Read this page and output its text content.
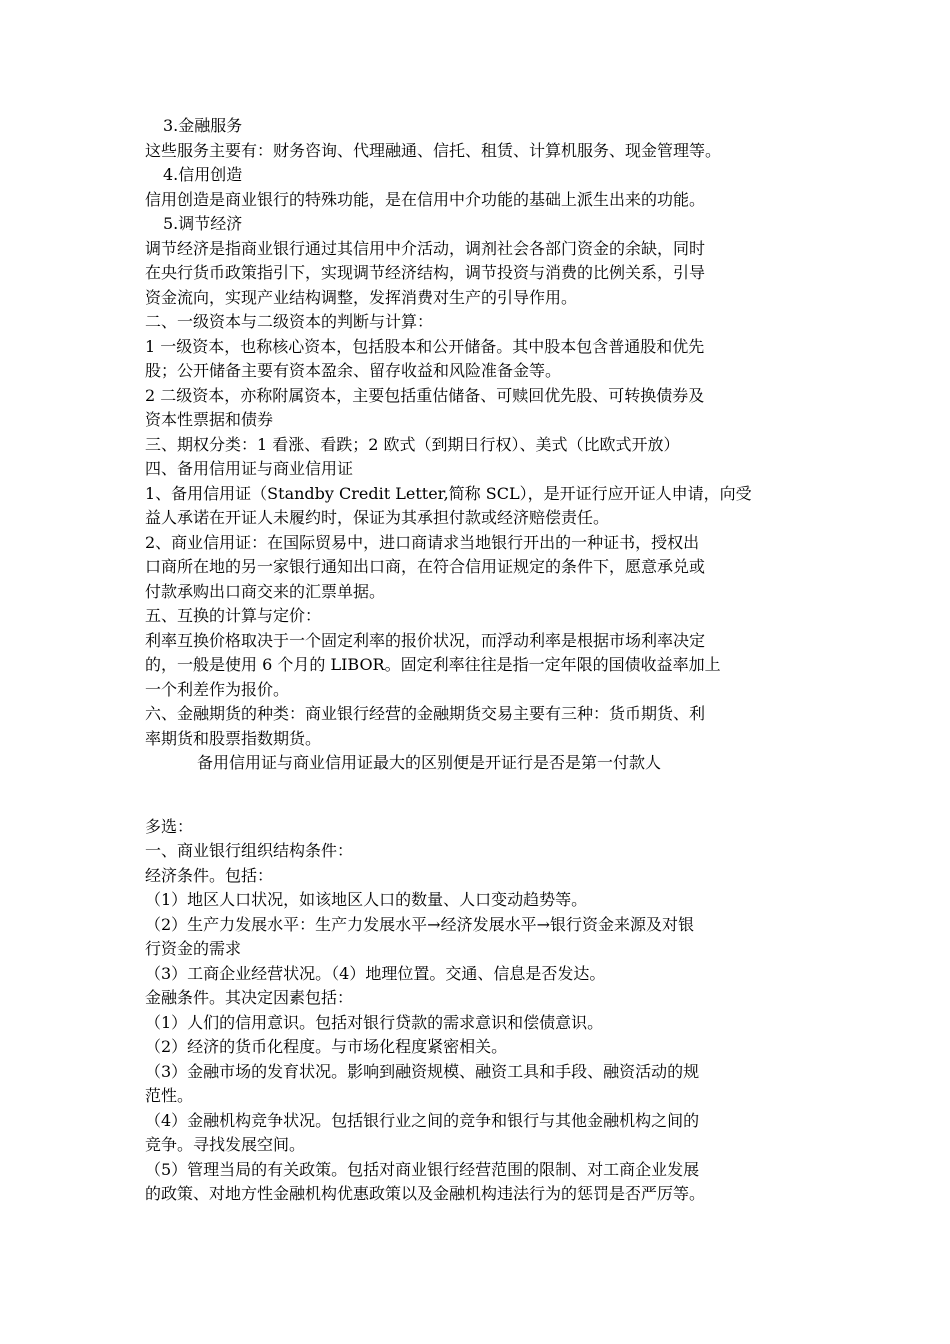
3.金融服务
这些服务主要有：财务咨询、代理融通、信托、租赁、计算机服务、现金管理等。
4.信用创造
信用创造是商业银行的特殊功能，是在信用中介功能的基础上派生出来的功能。
5.调节经济
调节经济是指商业银行通过其信用中介活动，调剂社会各部门资金的余缺，同时
在央行货币政策指引下，实现调节经济结构，调节投资与消费的比例关系，引导
资金流向，实现产业结构调整，发挥消费对生产的引导作用。
二、一级资本与二级资本的判断与计算：
1 一级资本，也称核心资本，包括股本和公开储备。其中股本包含普通股和优先
股；公开储备主要有资本盈余、留存收益和风险准备金等。
2 二级资本，亦称附属资本，主要包括重估储备、可赎回优先股、可转换债券及
资本性票据和债券
三、期权分类：1 看涨、看跌；2 欧式（到期日行权）、美式（比欧式开放）
四、备用信用证与商业信用证
1、备用信用证（Standby Credit Letter,简称 SCL），是开证行应开证人申请，向受
益人承诺在开证人未履约时，保证为其承担付款或经济赔偿责任。
2、商业信用证：在国际贸易中，进口商请求当地银行开出的一种证书，授权出
口商所在地的另一家银行通知出口商，在符合信用证规定的条件下，愿意承兑或
付款承购出口商交来的汇票单据。
五、互换的计算与定价：
利率互换价格取决于一个固定利率的报价状况，而浮动利率是根据市场利率决定
的，一般是使用 6 个月的 LIBOR。固定利率往往是指一定年限的国债收益率加上
一个利差作为报价。
六、金融期货的种类：商业银行经营的金融期货交易主要有三种：货币期货、利
率期货和股票指数期货。
备用信用证与商业信用证最大的区别便是开证行是否是第一付款人
多选：
一、商业银行组织结构条件：
经济条件。包括：
（1）地区人口状况，如该地区人口的数量、人口变动趋势等。
（2）生产力发展水平：生产力发展水平→经济发展水平→银行资金来源及对银
行资金的需求
（3）工商企业经营状况。（4）地理位置。交通、信息是否发达。
金融条件。其决定因素包括：
（1）人们的信用意识。包括对银行贷款的需求意识和偿债意识。
（2）经济的货币化程度。与市场化程度紧密相关。
（3）金融市场的发育状况。影响到融资规模、融资工具和手段、融资活动的规
范性。
（4）金融机构竞争状况。包括银行业之间的竞争和银行与其他金融机构之间的
竞争。寻找发展空间。
（5）管理当局的有关政策。包括对商业银行经营范围的限制、对工商企业发展
的政策、对地方性金融机构优惠政策以及金融机构违法行为的惩罚是否严厉等。
